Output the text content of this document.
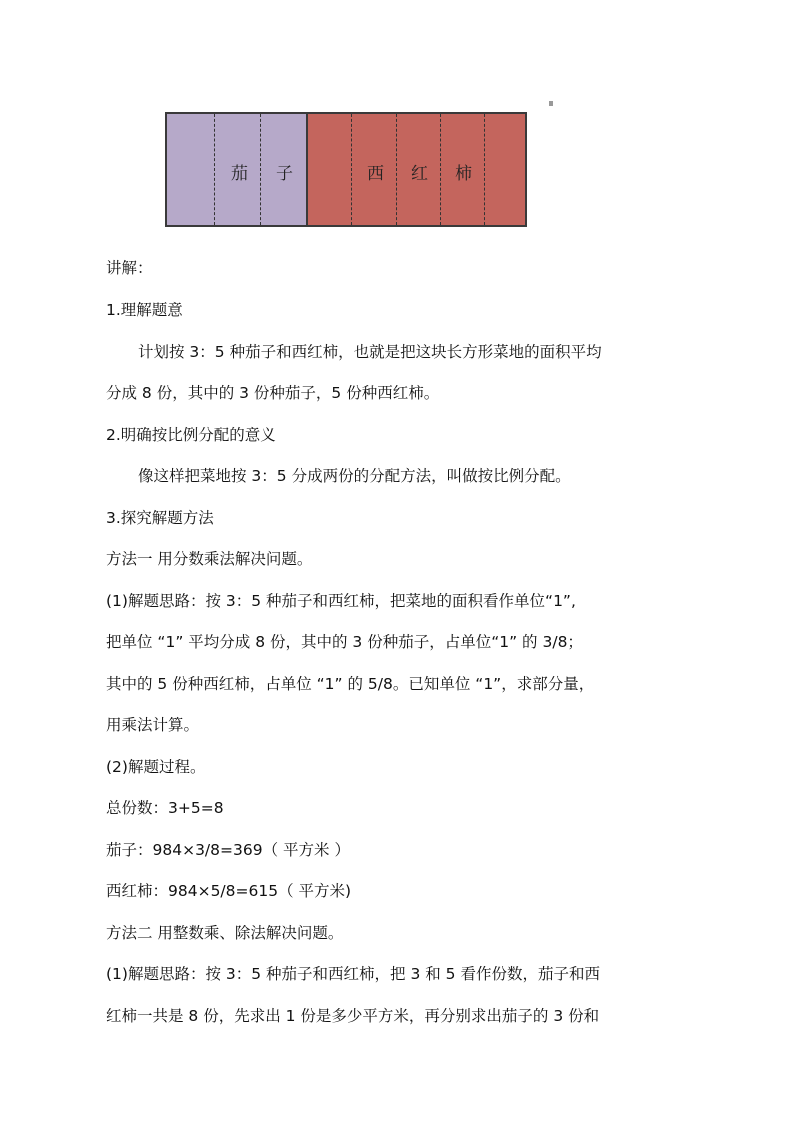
茄 子	西 红 柿
讲解：
1.理解题意
计划按 3：5 种茄子和西红柿，也就是把这块长方形菜地的面积平均
分成 8 份，其中的 3 份种茄子，5 份种西红柿。
2.明确按比例分配的意义
像这样把菜地按 3：5 分成两份的分配方法，叫做按比例分配。
3.探究解题方法
方法一 用分数乘法解决问题。
(1)解题思路：按 3：5 种茄子和西红柿，把菜地的面积看作单位“1”,
把单位 “1” 平均分成 8 份，其中的 3 份种茄子，占单位“1” 的 3/8；
其中的 5 份种西红柿，占单位 “1” 的 5/8。已知单位 “1”，求部分量，
用乘法计算。
(2)解题过程。
总份数：3+5=8
茄子：984×3/8=369（ 平方米 ）
西红柿：984×5/8=615（ 平方米)
方法二 用整数乘、除法解决问题。
(1)解题思路：按 3：5 种茄子和西红柿，把 3 和 5 看作份数，茄子和西
红柿一共是 8 份，先求出 1 份是多少平方米，再分别求出茄子的 3 份和
